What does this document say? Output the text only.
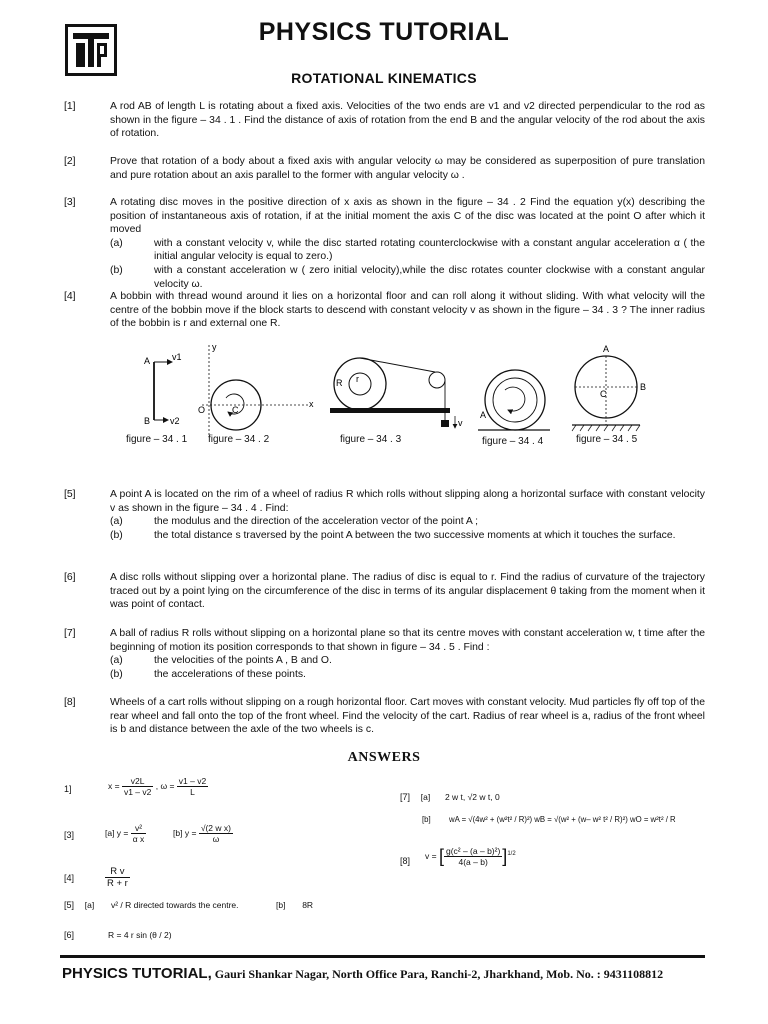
PHYSICS TUTORIAL
ROTATIONAL KINEMATICS
[1]	A rod AB of length L is rotating about a fixed axis. Velocities of the two ends are v1 and v2 directed perpendicular to the rod as shown in the figure – 34 . 1 . Find the distance of axis of rotation from the end B and the angular velocity of the rod about the axis of rotation.
[2]	Prove that rotation of a body about a fixed axis with angular velocity ω may be considered as superposition of pure translation and pure rotation about an axis parallel to the former with angular velocity ω .
[3]	A rotating disc moves in the positive direction of x axis as shown in the figure – 34 . 2 Find the equation y(x) describing the position of instantaneous axis of rotation, if at the initial moment the axis C of the disc was located at the point O after which it moved
(a)	with a constant velocity v, while the disc started rotating counterclockwise with a constant angular acceleration α ( the initial angular velocity is equal to zero.)
(b)	with a constant acceleration w ( zero initial velocity),while the disc rotates counter clockwise with a constant angular velocity ω.
[4]	A bobbin with thread wound around it lies on a horizontal floor and can roll along it without sliding. With what velocity will the centre of the bobbin move if the block starts to descend with constant velocity v as shown in the figure – 34 . 3 ? The inner radius of the bobbin is r and external one R.
A
B
v1
v2
y
O	C
x
R r
v
A
A
B
C
figure – 34 . 1 figure – 34 . 2	figure – 34 . 3	figure – 34 . 4	figure – 34 . 5
[5]	A point A is located on the rim of a wheel of radius R which rolls without slipping along a horizontal surface with constant velocity v as shown in the figure – 34 . 4 . Find:
(a)	the modulus and the direction of the acceleration vector of the point A ;
(b)	the total distance s traversed by the point A between the two successive moments at which it touches the surface.
[6]	A disc rolls without slipping over a horizontal plane. The radius of disc is equal to r. Find the radius of curvature of the trajectory traced out by a point lying on the circumference of the disc in terms of its angular displacement θ taking from the moment when it was point of contact.
[7]	A ball of radius R rolls without slipping on a horizontal plane so that its centre moves with constant acceleration w, t time after the beginning of motion its position corresponds to that shown in figure – 34 . 5 . Find :
(a)	the velocities of the points A , B and O.
(b)	the accelerations of these points.
[8]	Wheels of a cart rolls without slipping on a rough horizontal floor. Cart moves with constant velocity. Mud particles fly off top of the rear wheel and fall onto the top of the front wheel. Find the velocity of the cart. Radius of rear wheel is a, radius of the front wheel is b and distance between the axle of the two wheels is c.
ANSWERS
1]	$x = \frac{v2L}{v1 - v2}$ , $\omega = \frac{v1 - v2}{L}$
[3]	[a] $y = \frac{\text{v²}}{\text{α x}}$	[b] $y = \frac{\text{√(2 w x)}}{\omega}$
[4]	$\frac{\text{R v}}{R + r}$
[5] [a] v² / R directed towards the centre.	[b] 8R
[6]	R = 4 r sin (θ / 2)
[7] [a] 2 w t, √2 w t, 0
[b] wA = √(4w² + (w²t² / R)²) wB = √(w² + (w– w² t² / R)²) wO = w²t² / R
[8]
v = [ $\frac{\text{g(c² – (a – b)²)}}{4(a - b)} ]^{1/2}$
PHYSICS TUTORIAL, Gauri Shankar Nagar, North Office Para, Ranchi-2, Jharkhand, Mob. No. : 9431108812
